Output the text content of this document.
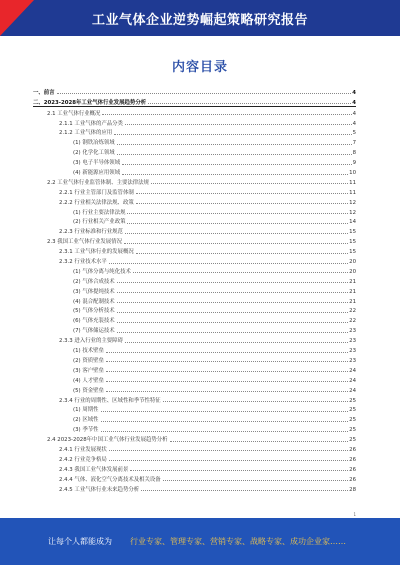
工业气体企业逆势崛起策略研究报告
内容目录
一、前言	4
二、2023-2028年工业气体行业发展趋势分析	4
2.1 工业气体行业概况	4
2.1.1 工业气体的产品分类	4
2.1.2 工业气体的应用	5
(1) 钢铁冶炼领域	7
(2) 化学化工领域	8
(3) 电子半导体领域	9
(4) 新能源应用领域	10
2.2 工业气体行业监管体制、主要法律法规	11
2.2.1 行业主管部门及监管体制	11
2.2.2 行业相关法律法规、政策	12
(1) 行业主要法律法规	12
(2) 行业相关产业政策	14
2.2.3 行业标准和行业规范	15
2.3 我国工业气体行业发展情况	15
2.3.1 工业气体行业的发展概况	15
2.3.2 行业技术水平	20
(1) 气体分离与纯化技术	20
(2) 气体合成技术	21
(3) 气体提纯技术	21
(4) 混合配制技术	21
(5) 气体分析技术	22
(6) 气体充装技术	22
(7) 气体储运技术	23
2.3.3 进入行业的主要障碍	23
(1) 技术壁垒	23
(2) 资质壁垒	23
(3) 客户壁垒	24
(4) 人才壁垒	24
(5) 资金壁垒	24
2.3.4 行业的周期性、区域性和季节性特征	25
(1) 周期性	25
(2) 区域性	25
(3) 季节性	25
2.4 2023-2028年中国工业气体行业发展趋势分析	25
2.4.1 行业发展现状	26
2.4.2 行业竞争格局	26
2.4.3 我国工业气体发展前景	26
2.4.4 气体、液化空气分离技术及相关设备	26
2.4.5 工业气体行业未来趋势分析	28
1
让每个人都能成为 行业专家、管理专家、营销专家、战略专家、成功企业家……
